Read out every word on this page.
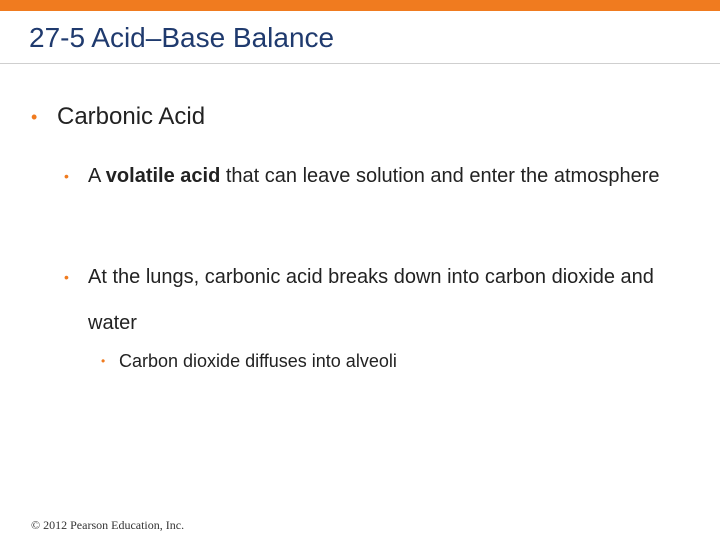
27-5 Acid–Base Balance
• Carbonic Acid
• A volatile acid that can leave solution and enter the atmosphere
• At the lungs, carbonic acid breaks down into carbon dioxide and water
• Carbon dioxide diffuses into alveoli
© 2012 Pearson Education, Inc.
